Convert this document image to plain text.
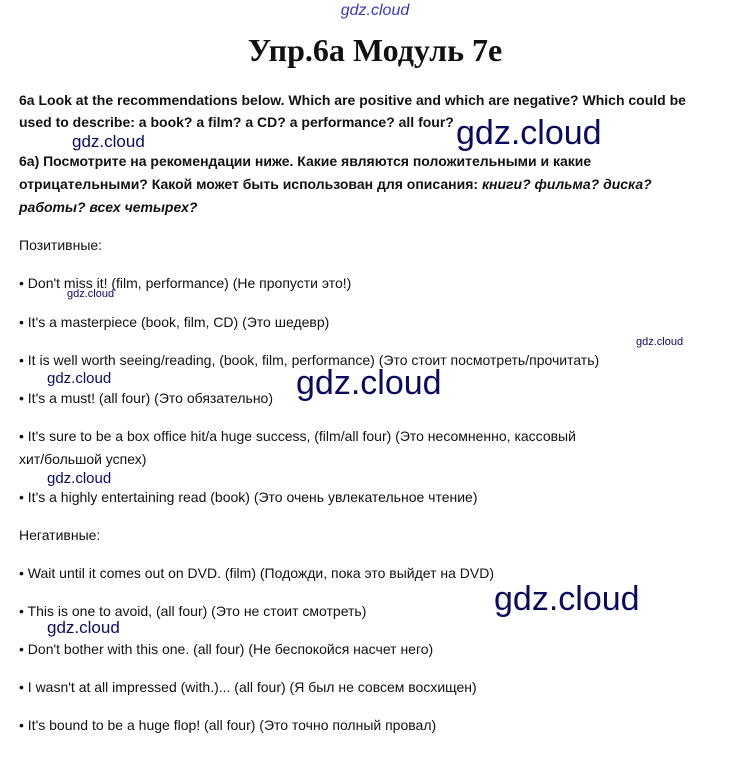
gdz.cloud
Упр.6а Модуль 7е
6a Look at the recommendations below. Which are positive and which are negative? Which could be
used to describe: a book? a film? a CD? a performance? all four?
6а) Посмотрите на рекомендации ниже. Какие являются положительными и какие
отрицательными? Какой может быть использован для описания: книги? фильма? диска?
работы? всех четырех?
Позитивные:
• Don't miss it! (film, performance) (Не пропусти это!)
• It's a masterpiece (book, film, CD) (Это шедевр)
• It is well worth seeing/reading, (book, film, performance) (Это стоит посмотреть/прочитать)
• It's a must! (all four) (Это обязательно)
• It's sure to be a box office hit/a huge success, (film/all four) (Это несомненно, кассовый
хит/большой успех)
• It's a highly entertaining read (book) (Это очень увлекательное чтение)
Негативные:
• Wait until it comes out on DVD. (film) (Подожди, пока это выйдет на DVD)
• This is one to avoid, (all four) (Это не стоит смотреть)
• Don't bother with this one. (all four) (Не беспокойся насчет него)
• I wasn't at all impressed (with.)... (all four) (Я был не совсем восхищен)
• It's bound to be a huge flop! (all four) (Это точно полный провал)
gdz.cloud
gdz.cloud
gdz.cloud
gdz.cloud
gdz.cloud	gdz.cloud
gdz.cloud
gdz.cloud
gdz.cloud
